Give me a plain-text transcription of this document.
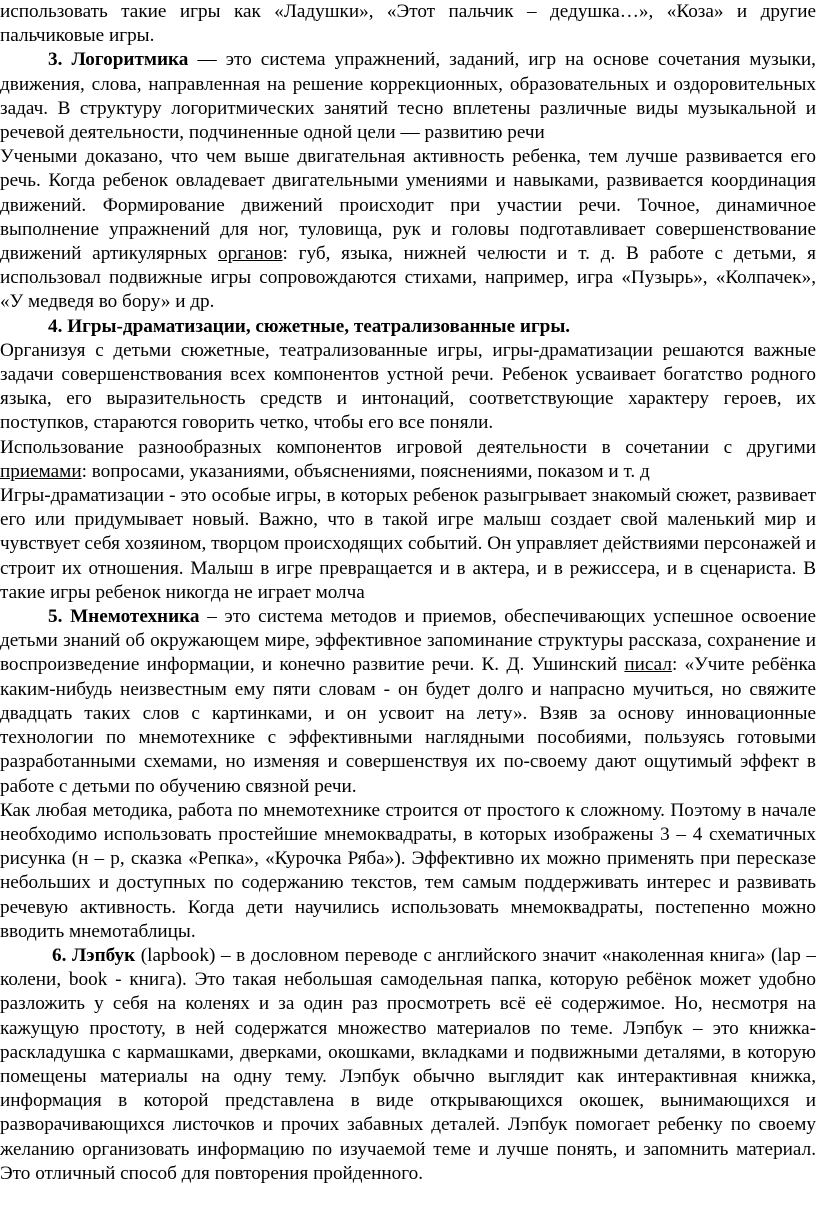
использовать такие игры как «Ладушки», «Этот пальчик – дедушка…», «Коза» и другие пальчиковые игры.

3. Логоритмика — это система упражнений, заданий, игр на основе сочетания музыки, движения, слова, направленная на решение коррекционных, образовательных и оздоровительных задач. В структуру логоритмических занятий тесно вплетены различные виды музыкальной и речевой деятельности, подчиненные одной цели — развитию речи

Учеными доказано, что чем выше двигательная активность ребенка, тем лучше развивается его речь. Когда ребенок овладевает двигательными умениями и навыками, развивается координация движений. Формирование движений происходит при участии речи. Точное, динамичное выполнение упражнений для ног, туловища, рук и головы подготавливает совершенствование движений артикулярных органов: губ, языка, нижней челюсти и т. д. В работе с детьми, я использовал подвижные игры сопровождаются стихами, например, игра «Пузырь», «Колпачек», «У медведя во бору» и др.

4. Игры-драматизации, сюжетные, театрализованные игры.

Организуя с детьми сюжетные, театрализованные игры, игры-драматизации решаются важные задачи совершенствования всех компонентов устной речи. Ребенок усваивает богатство родного языка, его выразительность средств и интонаций, соответствующие характеру героев, их поступков, стараются говорить четко, чтобы его все поняли.

Использование разнообразных компонентов игровой деятельности в сочетании с другими приемами: вопросами, указаниями, объяснениями, пояснениями, показом и т. д

Игры-драматизации - это особые игры, в которых ребенок разыгрывает знакомый сюжет, развивает его или придумывает новый. Важно, что в такой игре малыш создает свой маленький мир и чувствует себя хозяином, творцом происходящих событий. Он управляет действиями персонажей и строит их отношения. Малыш в игре превращается и в актера, и в режиссера, и в сценариста. В такие игры ребенок никогда не играет молча

5. Мнемотехника – это система методов и приемов, обеспечивающих успешное освоение детьми знаний об окружающем мире, эффективное запоминание структуры рассказа, сохранение и воспроизведение информации, и конечно развитие речи. К. Д. Ушинский писал: «Учите ребёнка каким-нибудь неизвестным ему пяти словам - он будет долго и напрасно мучиться, но свяжите двадцать таких слов с картинками, и он усвоит на лету». Взяв за основу инновационные технологии по мнемотехнике с эффективными наглядными пособиями, пользуясь готовыми разработанными схемами, но изменяя и совершенствуя их по-своему дают ощутимый эффект в работе с детьми по обучению связной речи.

Как любая методика, работа по мнемотехнике строится от простого к сложному. Поэтому в начале необходимо использовать простейшие мнемоквадраты, в которых изображены 3 – 4 схематичных рисунка (н – р, сказка «Репка», «Курочка Ряба»). Эффективно их можно применять при пересказе небольших и доступных по содержанию текстов, тем самым поддерживать интерес и развивать речевую активность. Когда дети научились использовать мнемоквадраты, постепенно можно вводить мнемотаблицы.

6. Лэпбук (lapbook) – в дословном переводе с английского значит «наколенная книга» (lap – колени, book - книга). Это такая небольшая самодельная папка, которую ребёнок может удобно разложить у себя на коленях и за один раз просмотреть всё её содержимое. Но, несмотря на кажущую простоту, в ней содержатся множество материалов по теме. Лэпбук – это книжка-раскладушка с кармашками, дверками, окошками, вкладками и подвижными деталями, в которую помещены материалы на одну тему. Лэпбук обычно выглядит как интерактивная книжка, информация в которой представлена в виде открывающихся окошек, вынимающихся и разворачивающихся листочков и прочих забавных деталей. Лэпбук помогает ребенку по своему желанию организовать информацию по изучаемой теме и лучше понять, и запомнить материал. Это отличный способ для повторения пройденного.
